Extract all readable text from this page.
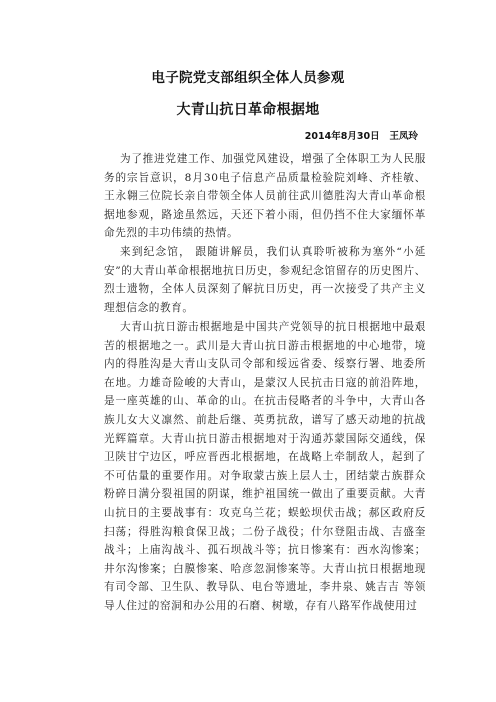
电子院党支部组织全体人员参观
大青山抗日革命根据地
2014年8月30日   王凤玲

为了推进党建工作、加强党风建设，增强了全体职工为人民服务的宗旨意识，8月30电子信息产品质量检验院刘峰、齐桂敏、王永翱三位院长亲自带领全体人员前往武川德胜沟大青山革命根据地参观，路途虽然远，天还下着小雨，但仍挡不住大家缅怀革命先烈的丰功伟绩的热情。

来到纪念馆， 跟随讲解员，我们认真聆听被称为塞外“小延安”的大青山革命根据地抗日历史，参观纪念馆留存的历史图片、烈士遗物，全体人员深刻了解抗日历史，再一次接受了共产主义理想信念的教育。

大青山抗日游击根据地是中国共产党领导的抗日根据地中最艰苦的根据地之一。武川是大青山抗日游击根据地的中心地带，境内的得胜沟是大青山支队司令部和绥远省委、绥察行署、地委所在地。力雄奇险峻的大青山，是蒙汉人民抗击日寇的前沿阵地，是一座英雄的山、革命的山。在抗击侵略者的斗争中，大青山各族儿女大义凛然、前赴后继、英勇抗敌，谱写了感天动地的抗战光辉篇章。大青山抗日游击根据地对于沟通苏蒙国际交通线，保卫陕甘宁边区，呼应晋西北根据地，在战略上牵制敌人，起到了不可估量的重要作用。对争取蒙古族上层人士，团结蒙古族群众粉碎日满分裂祖国的阴谋，维护祖国统一做出了重要贡献。大青山抗日的主要战事有：攻克乌兰花；蜈蚣坝伏击战；郝区政府反扫荡；得胜沟粮食保卫战；二份子战役；什尔登阻击战、吉盛奎战斗；上庙沟战斗、孤石坝战斗等；抗日惨案有：西水沟惨案；井尔沟惨案；白膜惨案、哈彦忽洞惨案等。大青山抗日根据地现有司令部、卫生队、教导队、电台等遗址，李井泉、姚吉吉 等领导人住过的窑洞和办公用的石磨、树墩，存有八路军作战使用过
